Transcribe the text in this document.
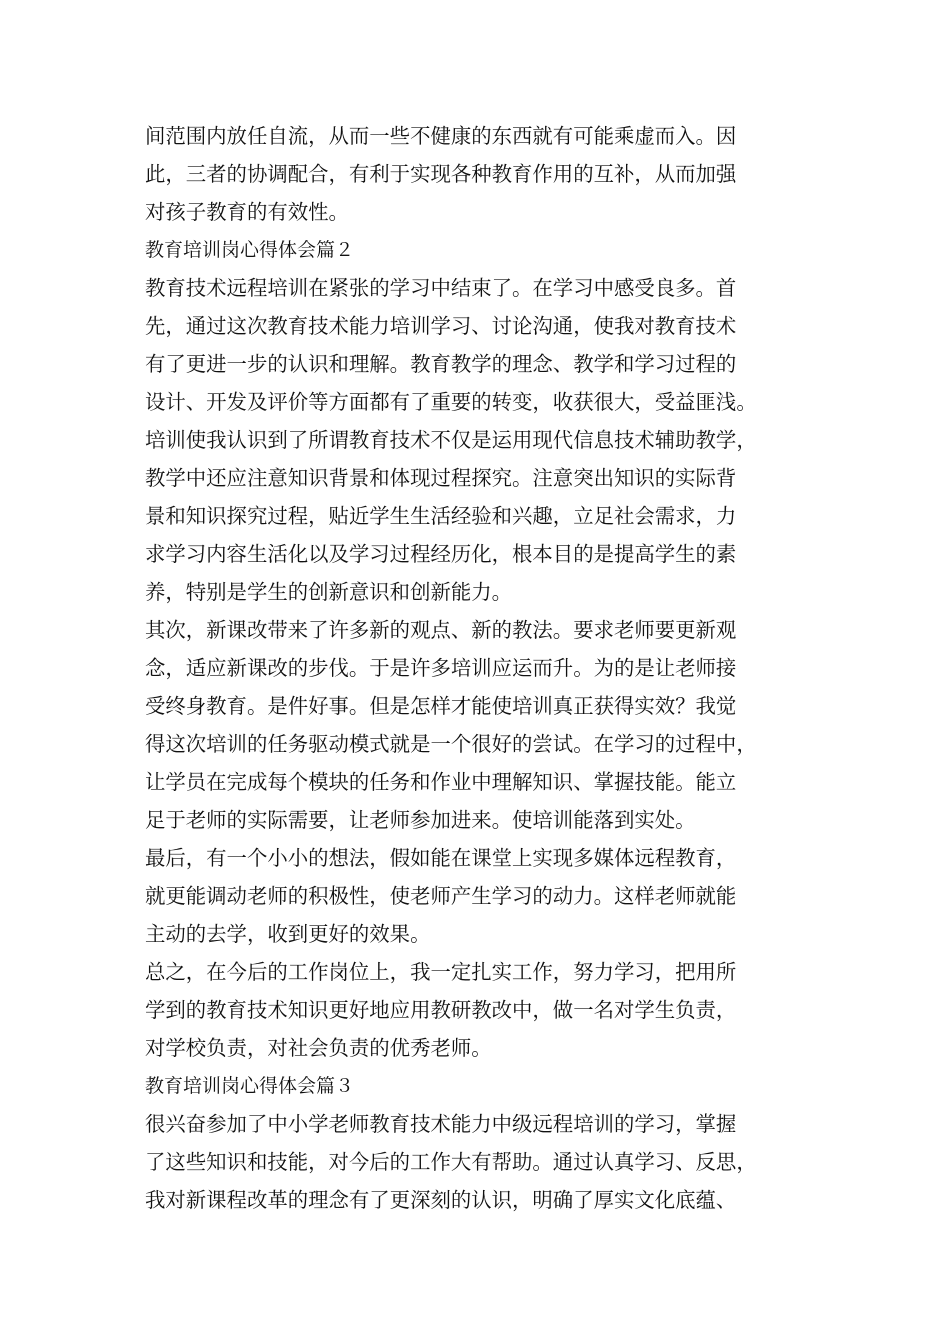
间范围内放任自流，从而一些不健康的东西就有可能乘虚而入。因
此，三者的协调配合，有利于实现各种教育作用的互补，从而加强
对孩子教育的有效性。
教育培训岗心得体会篇２
教育技术远程培训在紧张的学习中结束了。在学习中感受良多。首
先，通过这次教育技术能力培训学习、讨论沟通，使我对教育技术
有了更进一步的认识和理解。教育教学的理念、教学和学习过程的
设计、开发及评价等方面都有了重要的转变，收获很大，受益匪浅。
培训使我认识到了所谓教育技术不仅是运用现代信息技术辅助教学，
教学中还应注意知识背景和体现过程探究。注意突出知识的实际背
景和知识探究过程，贴近学生生活经验和兴趣，立足社会需求，力
求学习内容生活化以及学习过程经历化，根本目的是提高学生的素
养，特别是学生的创新意识和创新能力。
其次，新课改带来了许多新的观点、新的教法。要求老师要更新观
念，适应新课改的步伐。于是许多培训应运而升。为的是让老师接
受终身教育。是件好事。但是怎样才能使培训真正获得实效？我觉
得这次培训的任务驱动模式就是一个很好的尝试。在学习的过程中，
让学员在完成每个模块的任务和作业中理解知识、掌握技能。能立
足于老师的实际需要，让老师参加进来。使培训能落到实处。
最后，有一个小小的想法，假如能在课堂上实现多媒体远程教育，
就更能调动老师的积极性，使老师产生学习的动力。这样老师就能
主动的去学，收到更好的效果。
总之，在今后的工作岗位上，我一定扎实工作，努力学习，把用所
学到的教育技术知识更好地应用教研教改中，做一名对学生负责，
对学校负责，对社会负责的优秀老师。
教育培训岗心得体会篇３
很兴奋参加了中小学老师教育技术能力中级远程培训的学习，掌握
了这些知识和技能，对今后的工作大有帮助。通过认真学习、反思，
我对新课程改革的理念有了更深刻的认识，明确了厚实文化底蕴、
